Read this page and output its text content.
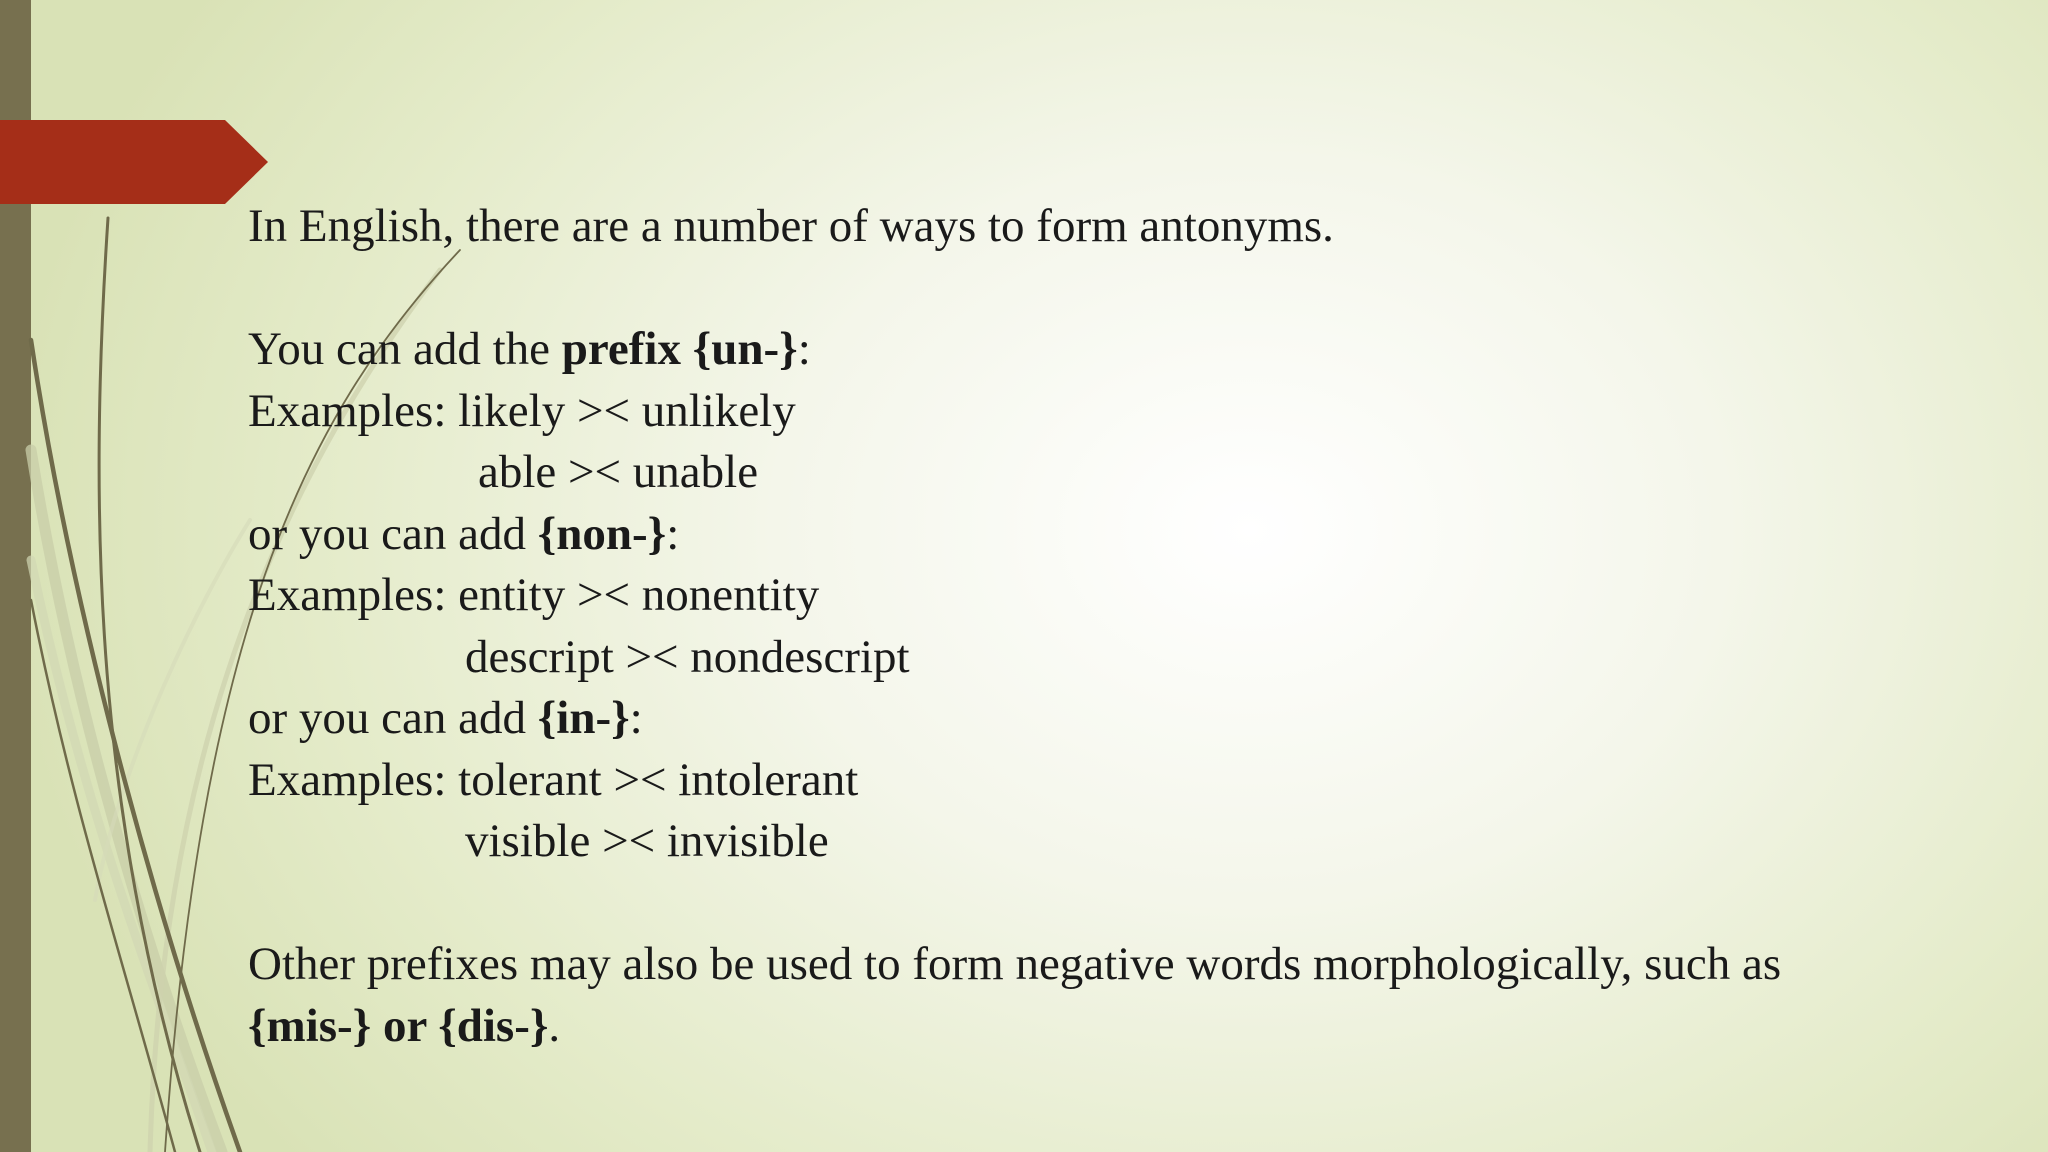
In English, there are a number of ways to form antonyms.
You can add the prefix {un-}:
Examples: likely >< unlikely
able >< unable
or you can add {non-}:
Examples: entity >< nonentity
descript >< nondescript
or you can add {in-}:
Examples: tolerant >< intolerant
visible >< invisible
Other prefixes may also be used to form negative words morphologically, such as
{mis-} or {dis-}.
